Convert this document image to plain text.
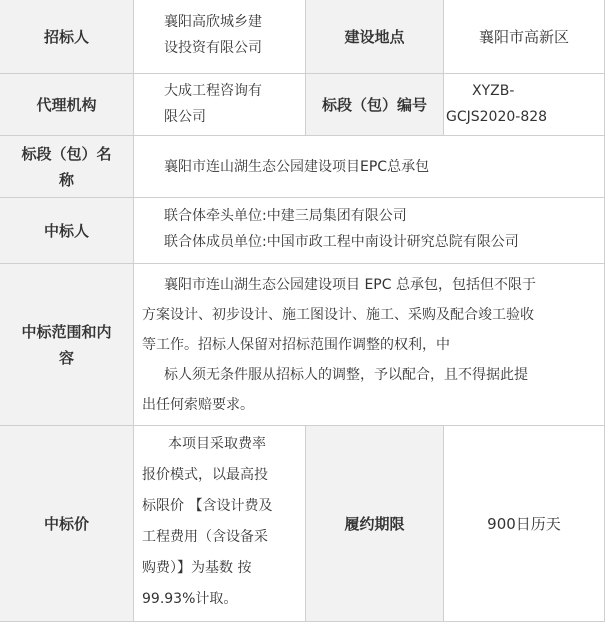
招标人
襄阳高欣城乡建
设投资有限公司
建设地点	襄阳市高新区
代理机构
大成工程咨询有
限公司
标段（包）编号
XYZB-
GCJS2020-828
标段（包）名
称
襄阳市连山湖生态公园建设项目EPC总承包
中标人
联合体牵头单位:中建三局集团有限公司
联合体成员单位:中国市政工程中南设计研究总院有限公司
中标范围和内
容
襄阳市连山湖生态公园建设项目 EPC 总承包，包括但不限于
方案设计、初步设计、施工图设计、施工、采购及配合竣工验收
等工作。招标人保留对招标范围作调整的权利，中
标人须无条件服从招标人的调整，予以配合，且不得据此提
出任何索赔要求。
中标价
本项目采取费率
报价模式，以最高投
标限价 【含设计费及
工程费用（含设备采
购费）】为基数 按
99.93%计取。
履约期限	900日历天
